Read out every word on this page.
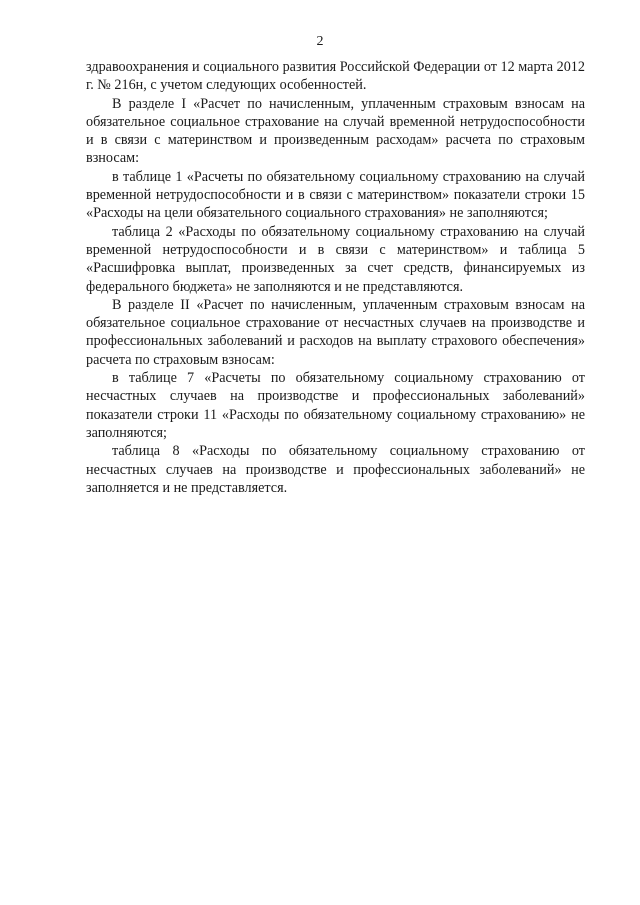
2

здравоохранения и социального развития Российской Федерации от 12 марта 2012 г. № 216н, с учетом следующих особенностей.

В разделе I «Расчет по начисленным, уплаченным страховым взносам на обязательное социальное страхование на случай временной нетрудоспособности и в связи с материнством и произведенным расходам» расчета по страховым взносам:

в таблице 1 «Расчеты по обязательному социальному страхованию на случай временной нетрудоспособности и в связи с материнством» показатели строки 15 «Расходы на цели обязательного социального страхования» не заполняются;

таблица 2 «Расходы по обязательному социальному страхованию на случай временной нетрудоспособности и в связи с материнством» и таблица 5 «Расшифровка выплат, произведенных за счет средств, финансируемых из федерального бюджета» не заполняются и не представляются.

В разделе II «Расчет по начисленным, уплаченным страховым взносам на обязательное социальное страхование от несчастных случаев на производстве и профессиональных заболеваний и расходов на выплату страхового обеспечения» расчета по страховым взносам:

в таблице 7 «Расчеты по обязательному социальному страхованию от несчастных случаев на производстве и профессиональных заболеваний» показатели строки 11 «Расходы по обязательному социальному страхованию» не заполняются;

таблица 8 «Расходы по обязательному социальному страхованию от несчастных случаев на производстве и профессиональных заболеваний» не заполняется и не представляется.
